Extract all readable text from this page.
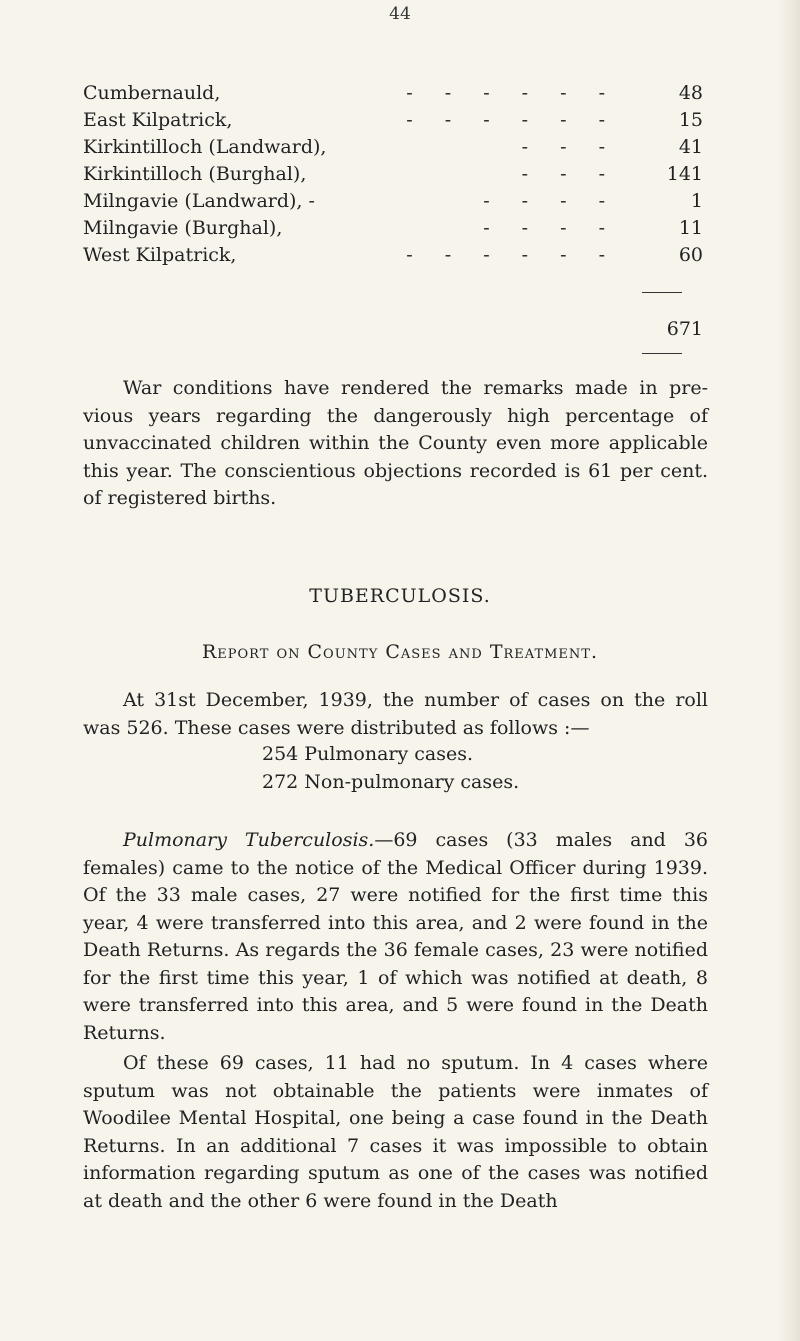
44
Cumbernauld,	- - - - - -	48
East Kilpatrick,	- - - - - -	15
Kirkintilloch (Landward),	- - -	41
Kirkintilloch (Burghal),	- - -	141
Milngavie (Landward), -	- - - -	1
Milngavie (Burghal),	- - - -	11
West Kilpatrick,	- - - - - -	60
671
War conditions have rendered the remarks made in pre- vious years regarding the dangerously high percentage of unvaccinated children within the County even more applicable this year. The conscientious objections recorded is 61 per cent. of registered births.
TUBERCULOSIS.
Report on County Cases and Treatment.
At 31st December, 1939, the number of cases on the roll was 526. These cases were distributed as follows :—
254 Pulmonary cases.
272 Non-pulmonary cases.
Pulmonary Tuberculosis.—69 cases (33 males and 36 females) came to the notice of the Medical Officer during 1939. Of the 33 male cases, 27 were notified for the first time this year, 4 were transferred into this area, and 2 were found in the Death Returns. As regards the 36 female cases, 23 were notified for the first time this year, 1 of which was notified at death, 8 were transferred into this area, and 5 were found in the Death Returns.
Of these 69 cases, 11 had no sputum. In 4 cases where sputum was not obtainable the patients were inmates of Woodilee Mental Hospital, one being a case found in the Death Returns. In an additional 7 cases it was impossible to obtain information regarding sputum as one of the cases was notified at death and the other 6 were found in the Death
